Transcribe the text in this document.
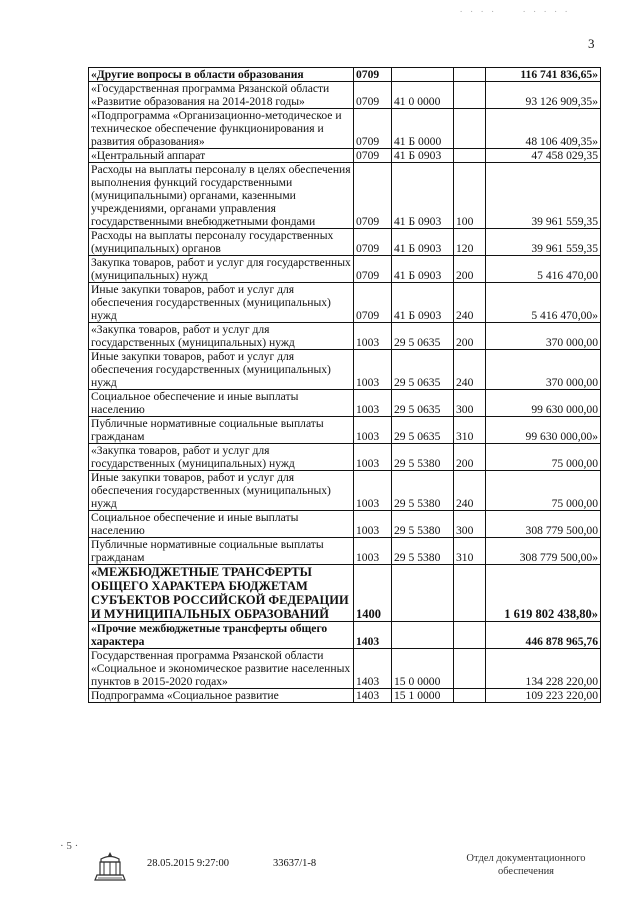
. . . .     . . . . .
3
«Другие вопросы в области образования	0709			116 741 836,65»
«Государственная программа Рязанской области «Развитие образования на 2014-2018 годы»	0709	41 0 0000		93 126 909,35»
«Подпрограмма «Организационно-методическое и техническое обеспечение функционирования и развития образования»	0709	41 Б 0000		48 106 409,35»
«Центральный аппарат	0709	41 Б 0903		47 458 029,35
Расходы на выплаты персоналу в целях обеспечения выполнения функций государственными (муниципальными) органами, казенными учреждениями, органами управления государственными внебюджетными фондами	0709	41 Б 0903	100	39 961 559,35
Расходы на выплаты персоналу государственных (муниципальных) органов	0709	41 Б 0903	120	39 961 559,35
Закупка товаров, работ и услуг для государственных (муниципальных) нужд	0709	41 Б 0903	200	5 416 470,00
Иные закупки товаров, работ и услуг для обеспечения государственных (муниципальных) нужд	0709	41 Б 0903	240	5 416 470,00»
«Закупка товаров, работ и услуг для государственных (муниципальных) нужд	1003	29 5 0635	200	370 000,00
Иные закупки товаров, работ и услуг для обеспечения государственных (муниципальных) нужд	1003	29 5 0635	240	370 000,00
Социальное обеспечение и иные выплаты населению	1003	29 5 0635	300	99 630 000,00
Публичные нормативные социальные выплаты гражданам	1003	29 5 0635	310	99 630 000,00»
«Закупка товаров, работ и услуг для государственных (муниципальных) нужд	1003	29 5 5380	200	75 000,00
Иные закупки товаров, работ и услуг для обеспечения государственных (муниципальных) нужд	1003	29 5 5380	240	75 000,00
Социальное обеспечение и иные выплаты населению	1003	29 5 5380	300	308 779 500,00
Публичные нормативные социальные выплаты гражданам	1003	29 5 5380	310	308 779 500,00»
«МЕЖБЮДЖЕТНЫЕ ТРАНСФЕРТЫ ОБЩЕГО ХАРАКТЕРА БЮДЖЕТАМ СУБЪЕКТОВ РОССИЙСКОЙ ФЕДЕРАЦИИ И МУНИЦИПАЛЬНЫХ ОБРАЗОВАНИЙ	1400			1 619 802 438,80»
«Прочие межбюджетные трансферты общего характера	1403			446 878 965,76
Государственная программа Рязанской области «Социальное и экономическое развитие населенных пунктов в 2015-2020 годах»	1403	15 0 0000		134 228 220,00
Подпрограмма «Социальное развитие	1403	15 1 0000		109 223 220,00
· 5 ·
28.05.2015 9:27:00	33637/1-8	Отдел документационного
обеспечения
